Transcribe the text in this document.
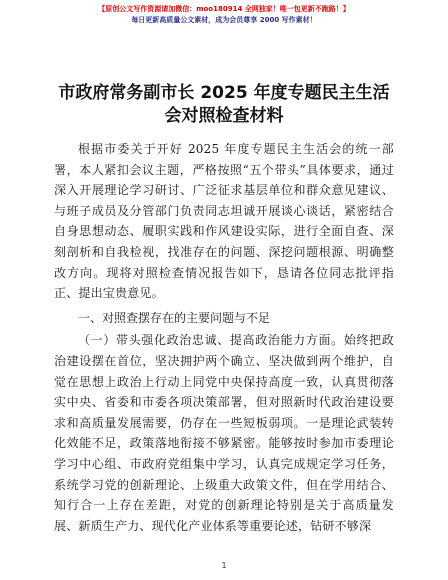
【原创公文写作资源请加微信：moo180914 全网独家！唯一包更新不跑路！】
每日更新高质量公文素材，成为会员尊享 2000 写作素材！
市政府常务副市长 2025 年度专题民主生活会对照检查材料

根据市委关于开好 2025 年度专题民主生活会的统一部署，本人紧扣会议主题，严格按照“五个带头”具体要求，通过深入开展理论学习研讨、广泛征求基层单位和群众意见建议、与班子成员及分管部门负责同志坦诚开展谈心谈话，紧密结合自身思想动态、履职实践和作风建设实际，进行全面自查、深刻剖析和自我检视，找准存在的问题、深挖问题根源、明确整改方向。现将对照检查情况报告如下，恳请各位同志批评指正、提出宝贵意见。

一、对照查摆存在的主要问题与不足

（一）带头强化政治忠诚、提高政治能力方面。始终把政治建设摆在首位，坚决拥护两个确立、坚决做到两个维护，自觉在思想上政治上行动上同党中央保持高度一致，认真贯彻落实中央、省委和市委各项决策部署，但对照新时代政治建设要求和高质量发展需要，仍存在一些短板弱项。一是理论武装转化效能不足，政策落地衔接不够紧密。能够按时参加市委理论学习中心组、市政府党组集中学习，认真完成规定学习任务，系统学习党的创新理论、上级重大政策文件，但在学用结合、知行合一上存在差距，对党的创新理论特别是关于高质量发展、新质生产力、现代化产业体系等重要论述，钻研不够深

1
